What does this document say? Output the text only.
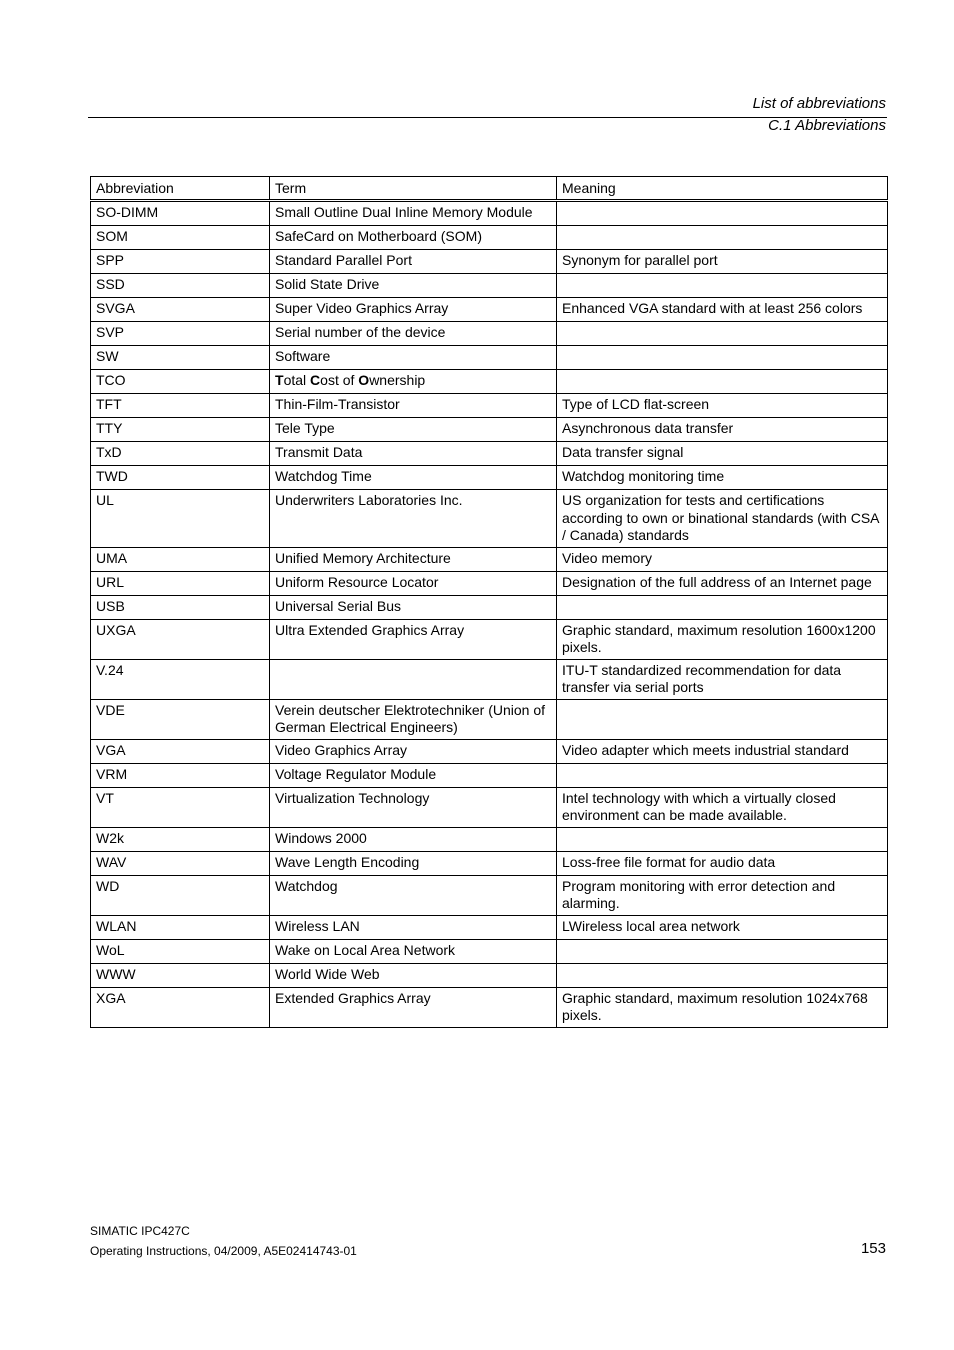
List of abbreviations
C.1 Abbreviations
Abbreviation	Term	Meaning
SO-DIMM	Small Outline Dual Inline Memory Module	
SOM	SafeCard on Motherboard (SOM)	
SPP	Standard Parallel Port	Synonym for parallel port
SSD	Solid State Drive	
SVGA	Super Video Graphics Array	Enhanced VGA standard with at least 256 colors
SVP	Serial number of the device	
SW	Software	
TCO	Total Cost of Ownership	
TFT	Thin-Film-Transistor	Type of LCD flat-screen
TTY	Tele Type	Asynchronous data transfer
TxD	Transmit Data	Data transfer signal
TWD	Watchdog Time	Watchdog monitoring time
UL	Underwriters Laboratories Inc.	US organization for tests and certifications according to own or binational standards (with CSA / Canada) standards
UMA	Unified Memory Architecture	Video memory
URL	Uniform Resource Locator	Designation of the full address of an Internet page
USB	Universal Serial Bus	
UXGA	Ultra Extended Graphics Array	Graphic standard, maximum resolution 1600x1200 pixels.
V.24		ITU-T standardized recommendation for data transfer via serial ports
VDE	Verein deutscher Elektrotechniker (Union of German Electrical Engineers)	
VGA	Video Graphics Array	Video adapter which meets industrial standard
VRM	Voltage Regulator Module	
VT	Virtualization Technology	Intel technology with which a virtually closed environment can be made available.
W2k	Windows 2000	
WAV	Wave Length Encoding	Loss-free file format for audio data
WD	Watchdog	Program monitoring with error detection and alarming.
WLAN	Wireless LAN	LWireless local area network
WoL	Wake on Local Area Network	
WWW	World Wide Web	
XGA	Extended Graphics Array	Graphic standard, maximum resolution 1024x768 pixels.
SIMATIC IPC427C
Operating Instructions, 04/2009, A5E02414743-01	153
